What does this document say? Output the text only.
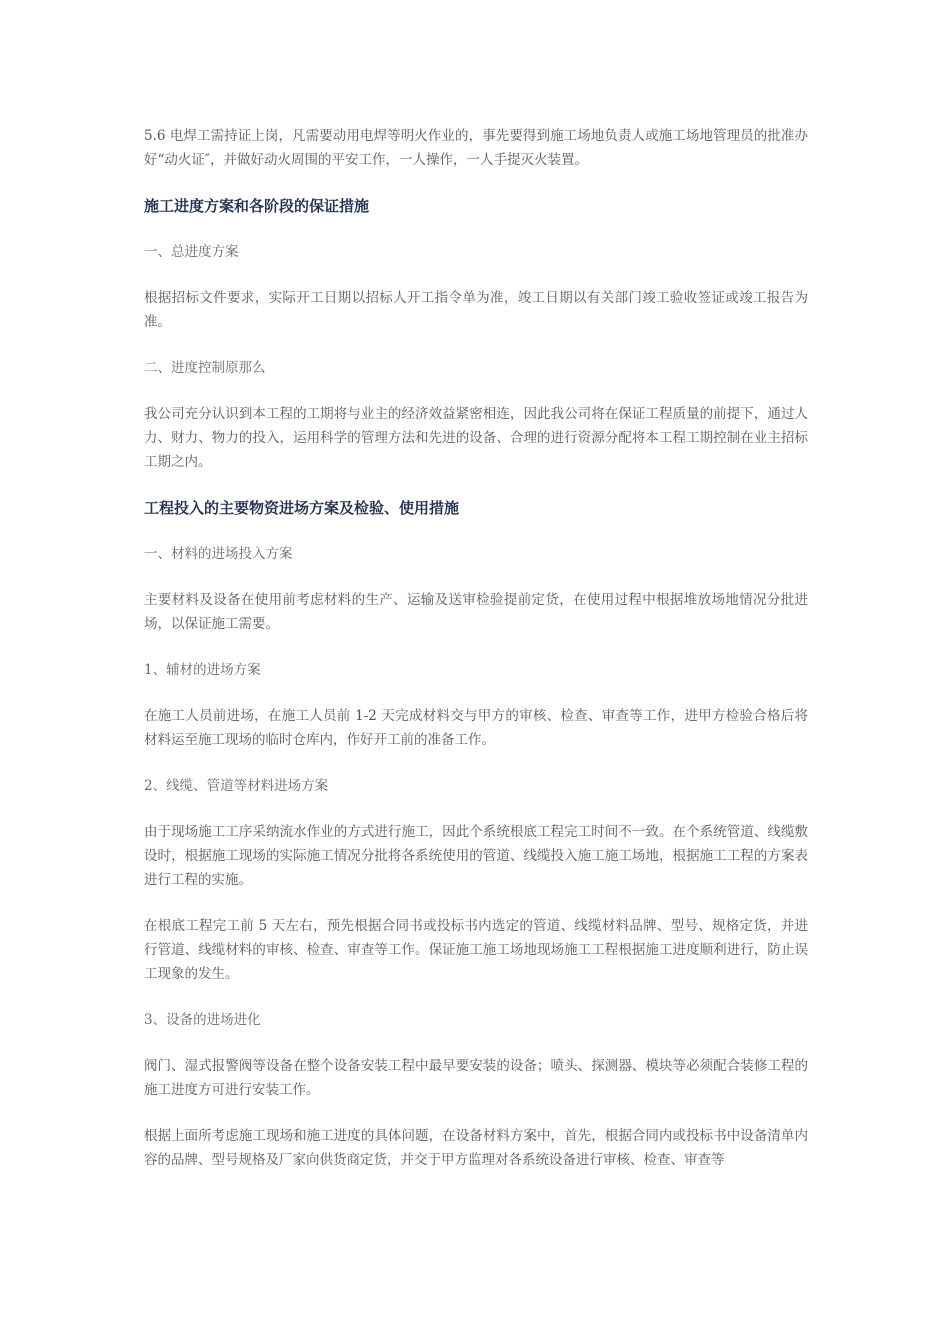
5.6 电焊工需持证上岗，凡需要动用电焊等明火作业的，事先要得到施工场地负责人或施工场地管理员的批准办好“动火证″，并做好动火周围的平安工作，一人操作，一人手提灭火装置。

施工进度方案和各阶段的保证措施

一、总进度方案

根据招标文件要求，实际开工日期以招标人开工指令单为准，竣工日期以有关部门竣工验收签证或竣工报告为准。

二、进度控制原那么

我公司充分认识到本工程的工期将与业主的经济效益紧密相连，因此我公司将在保证工程质量的前提下，通过人力、财力、物力的投入，运用科学的管理方法和先进的设备、合理的进行资源分配将本工程工期控制在业主招标工期之内。

工程投入的主要物资进场方案及检验、使用措施

一、材料的进场投入方案

主要材料及设备在使用前考虑材料的生产、运输及送审检验提前定货，在使用过程中根据堆放场地情况分批进场，以保证施工需要。

1、辅材的进场方案

在施工人员前进场，在施工人员前 1-2 天完成材料交与甲方的审核、检查、审查等工作，进甲方检验合格后将材料运至施工现场的临时仓库内，作好开工前的准备工作。

2、线缆、管道等材料进场方案

由于现场施工工序采纳流水作业的方式进行施工，因此个系统根底工程完工时间不一致。在个系统管道、线缆敷设时，根据施工现场的实际施工情况分批将各系统使用的管道、线缆投入施工施工场地，根据施工工程的方案表进行工程的实施。

在根底工程完工前 5 天左右，预先根据合同书或投标书内选定的管道、线缆材料品牌、型号、规格定货，并进行管道、线缆材料的审核、检查、审查等工作。保证施工施工场地现场施工工程根据施工进度顺利进行，防止误工现象的发生。

3、设备的进场进化

阀门、湿式报警阀等设备在整个设备安装工程中最早要安装的设备；喷头、探测器、模块等必须配合装修工程的施工进度方可进行安装工作。

根据上面所考虑施工现场和施工进度的具体问题，在设备材料方案中，首先，根据合同内或投标书中设备清单内容的品牌、型号规格及厂家向供货商定货，并交于甲方监理对各系统设备进行审核、检查、审查等
